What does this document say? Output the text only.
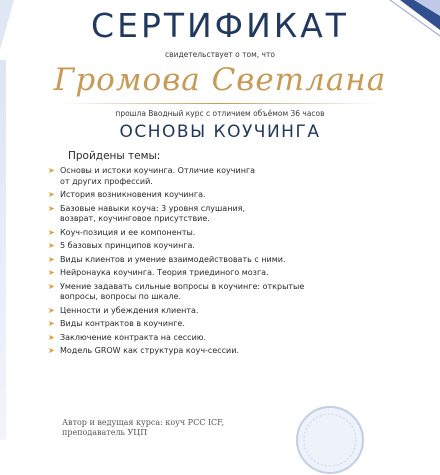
СЕРТИФИКАТ
свидетельствует о том, что
Громова Светлана
прошла Вводный курс с отличием объёмом 36 часов
ОСНОВЫ КОУЧИНГА
Пройдены темы:
➤ Основы и истоки коучинга. Отличие коучинга
от других профессий.
➤ История возникновения коучинга.
➤ Базовые навыки коуча: 3 уровня слушания,
возврат, коучинговое присутствие.
➤ Коуч-позиция и ее компоненты.
➤ 5 базовых принципов коучинга.
➤ Виды клиентов и умение взаимодействовать с ними.
➤ Нейронаука коучинга. Теория триединого мозга.
➤ Умение задавать сильные вопросы в коучинге: открытые
вопросы, вопросы по шкале.
➤ Ценности и убеждения клиента.
➤ Виды контрактов в коучинге.
➤ Заключение контракта на сессию.
➤ Модель GROW как структура коуч-сессии.
Автор и ведущая курса: коуч PCC ICF,
преподаватель УЦП
